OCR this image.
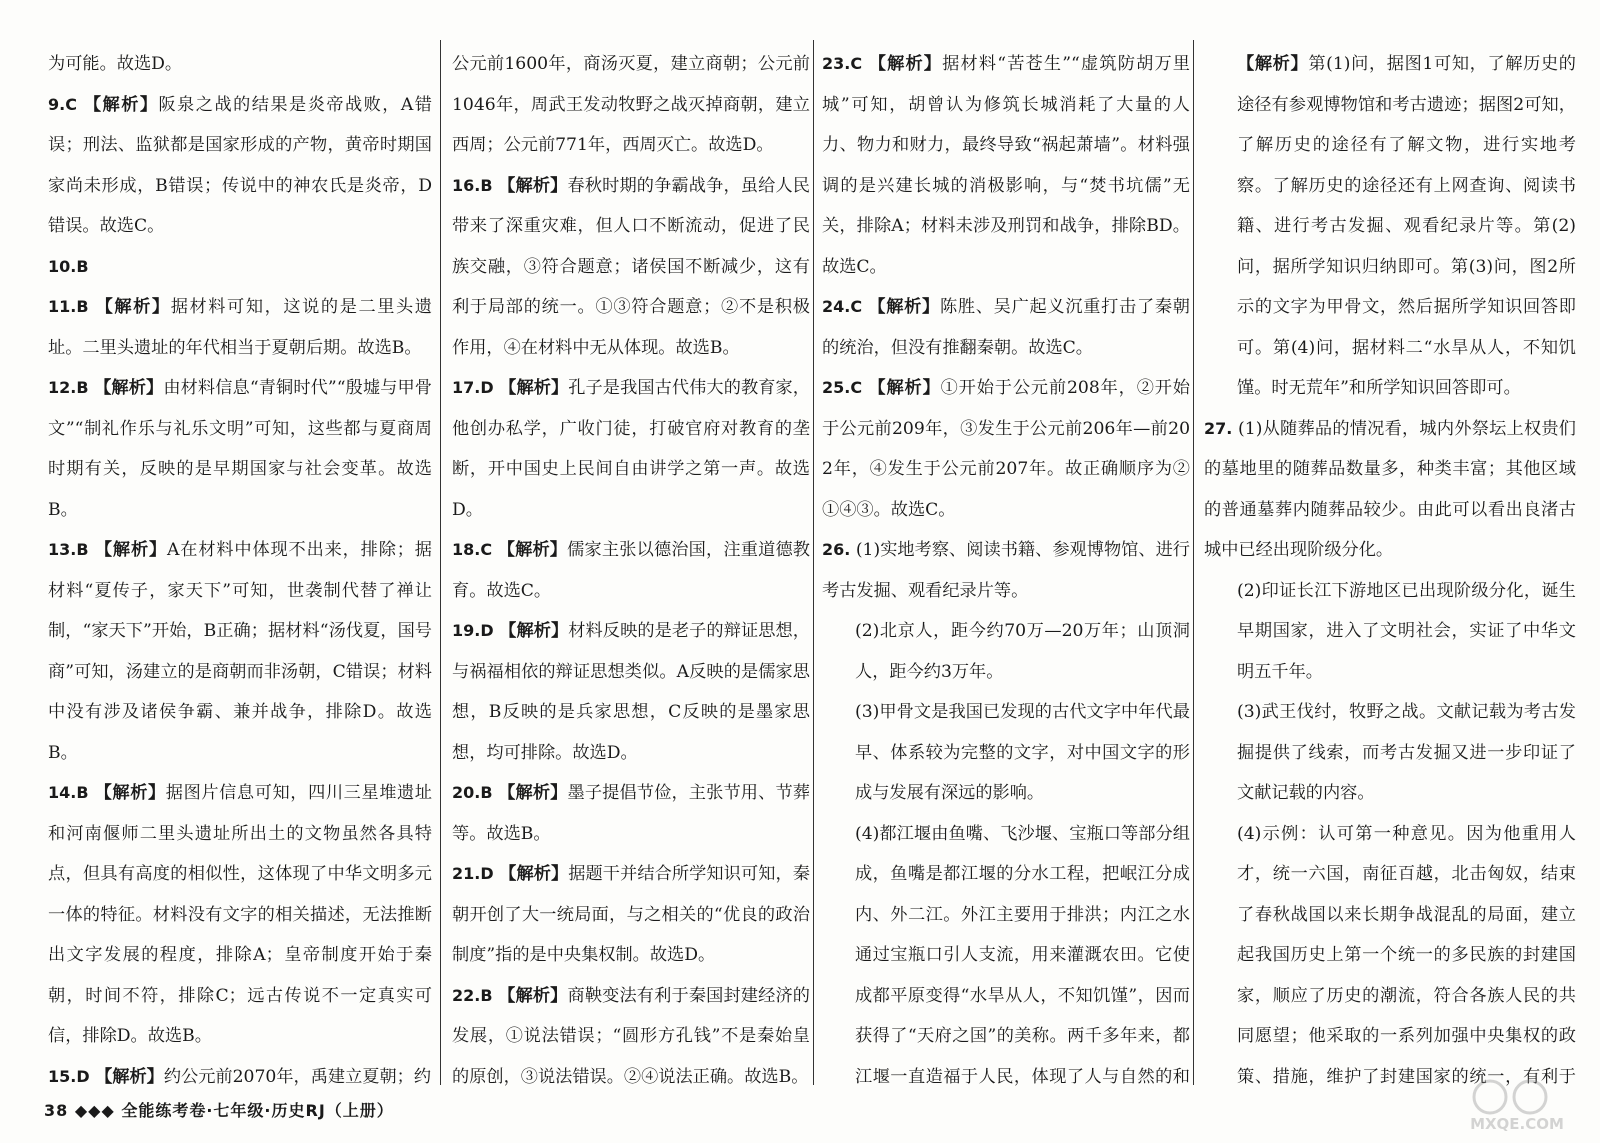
为可能。故选D。

9.C 【解析】阪泉之战的结果是炎帝战败，A错误；刑法、监狱都是国家形成的产物，黄帝时期国家尚未形成，B错误；传说中的神农氏是炎帝，D错误。故选C。

10.B

11.B 【解析】据材料可知，这说的是二里头遗址。二里头遗址的年代相当于夏朝后期。故选B。

12.B 【解析】由材料信息“青铜时代”“殷墟与甲骨文”“制礼作乐与礼乐文明”可知，这些都与夏商周时期有关，反映的是早期国家与社会变革。故选B。

13.B 【解析】A在材料中体现不出来，排除；据材料“夏传子，家天下”可知，世袭制代替了禅让制，“家天下”开始，B正确；据材料“汤伐夏，国号商”可知，汤建立的是商朝而非汤朝，C错误；材料中没有涉及诸侯争霸、兼并战争，排除D。故选B。

14.B 【解析】据图片信息可知，四川三星堆遗址和河南偃师二里头遗址所出土的文物虽然各具特点，但具有高度的相似性，这体现了中华文明多元一体的特征。材料没有文字的相关描述，无法推断出文字发展的程度，排除A；皇帝制度开始于秦朝，时间不符，排除C；远古传说不一定真实可信，排除D。故选B。

15.D 【解析】约公元前2070年，禹建立夏朝；约

公元前1600年，商汤灭夏，建立商朝；公元前1046年，周武王发动牧野之战灭掉商朝，建立西周；公元前771年，西周灭亡。故选D。

16.B 【解析】春秋时期的争霸战争，虽给人民带来了深重灾难，但人口不断流动，促进了民族交融，③符合题意；诸侯国不断减少，这有利于局部的统一。①③符合题意；②不是积极作用，④在材料中无从体现。故选B。

17.D 【解析】孔子是我国古代伟大的教育家，他创办私学，广收门徒，打破官府对教育的垄断，开中国史上民间自由讲学之第一声。故选D。

18.C 【解析】儒家主张以德治国，注重道德教育。故选C。

19.D 【解析】材料反映的是老子的辩证思想，与祸福相依的辩证思想类似。A反映的是儒家思想，B反映的是兵家思想，C反映的是墨家思想，均可排除。故选D。

20.B 【解析】墨子提倡节俭，主张节用、节葬等。故选B。

21.D 【解析】据题干并结合所学知识可知，秦朝开创了大一统局面，与之相关的“优良的政治制度”指的是中央集权制。故选D。

22.B 【解析】商鞅变法有利于秦国封建经济的发展，①说法错误；“圆形方孔钱”不是秦始皇的原创，③说法错误。②④说法正确。故选B。

23.C 【解析】据材料“苦苍生”“虚筑防胡万里城”可知，胡曾认为修筑长城消耗了大量的人力、物力和财力，最终导致“祸起萧墙”。材料强调的是兴建长城的消极影响，与“焚书坑儒”无关，排除A；材料未涉及刑罚和战争，排除BD。故选C。

24.C 【解析】陈胜、吴广起义沉重打击了秦朝的统治，但没有推翻秦朝。故选C。

25.C 【解析】①开始于公元前208年，②开始于公元前209年，③发生于公元前206年—前202年，④发生于公元前207年。故正确顺序为②①④③。故选C。

26. (1)实地考察、阅读书籍、参观博物馆、进行考古发掘、观看纪录片等。

(2)北京人，距今约70万—20万年；山顶洞人，距今约3万年。

(3)甲骨文是我国已发现的古代文字中年代最早、体系较为完整的文字，对中国文字的形成与发展有深远的影响。

(4)都江堰由鱼嘴、飞沙堰、宝瓶口等部分组成，鱼嘴是都江堰的分水工程，把岷江分成内、外二江。外江主要用于排洪；内江之水通过宝瓶口引人支流，用来灌溉农田。它使成都平原变得“水旱从人，不知饥馑”，因而获得了“天府之国”的美称。两千多年来，都江堰一直造福于人民，体现了人与自然的和

【解析】第(1)问，据图1可知，了解历史的途径有参观博物馆和考古遗迹；据图2可知，了解历史的途径有了解文物，进行实地考察。了解历史的途径还有上网查询、阅读书籍、进行考古发掘、观看纪录片等。第(2)问，据所学知识归纳即可。第(3)问，图2所示的文字为甲骨文，然后据所学知识回答即可。第(4)问，据材料二“水旱从人，不知饥馑。时无荒年”和所学知识回答即可。

27. (1)从随葬品的情况看，城内外祭坛上权贵们的墓地里的随葬品数量多，种类丰富；其他区域的普通墓葬内随葬品较少。由此可以看出良渚古城中已经出现阶级分化。

(2)印证长江下游地区已出现阶级分化，诞生早期国家，进入了文明社会，实证了中华文明五千年。

(3)武王伐纣，牧野之战。文献记载为考古发掘提供了线索，而考古发掘又进一步印证了文献记载的内容。

(4)示例：认可第一种意见。因为他重用人才，统一六国，南征百越，北击匈奴，结束了春秋战国以来长期争战混乱的局面，建立起我国历史上第一个统一的多民族的封建国家，顺应了历史的潮流，符合各族人民的共同愿望；他采取的一系列加强中央集权的政策、措施，维护了封建国家的统一，有利于

38 ◆◆◆ 全能练考卷·七年级·历史RJ（上册）
MXQE.COM
